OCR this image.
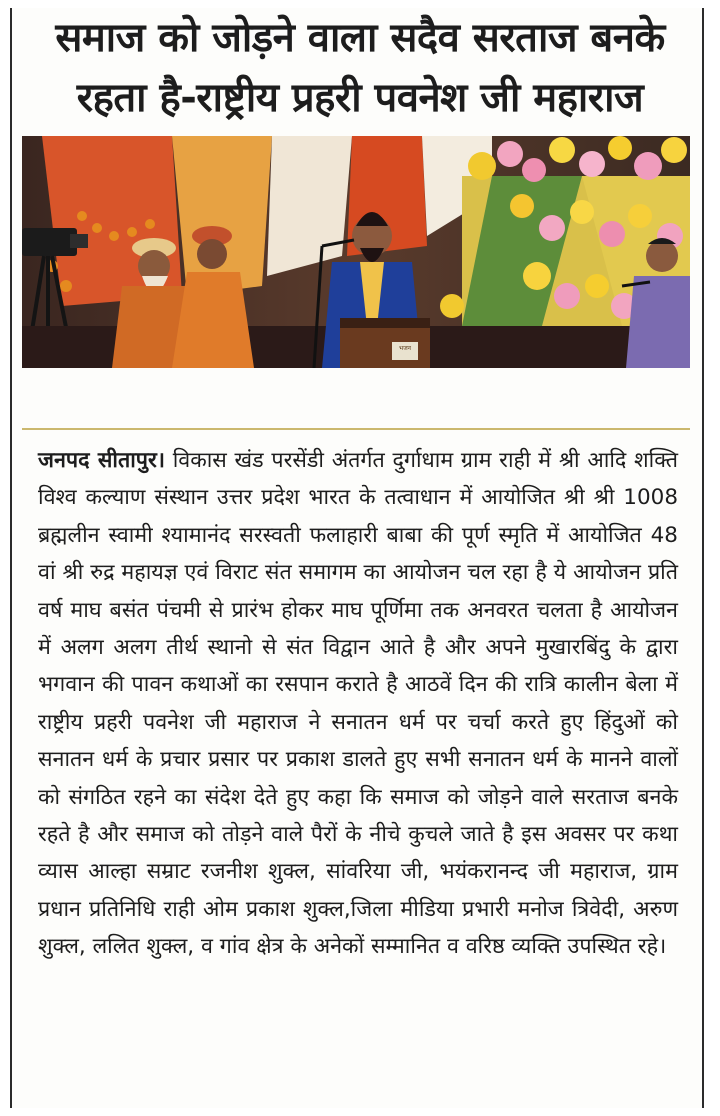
समाज को जोड़ने वाला सदैव सरताज बनके
रहता है-राष्ट्रीय प्रहरी पवनेश जी महाराज
भजन
जनपद सीतापुर। विकास खंड परसेंडी अंतर्गत दुर्गाधाम ग्राम राही में श्री आदि शक्ति विश्व कल्याण संस्थान उत्तर प्रदेश भारत के तत्वाधान में आयोजित श्री श्री 1008 ब्रह्मलीन स्वामी श्यामानंद सरस्वती फलाहारी बाबा की पूर्ण स्मृति में आयोजित 48 वां श्री रुद्र महायज्ञ एवं विराट संत समागम का आयोजन चल रहा है ये आयोजन प्रति वर्ष माघ बसंत पंचमी से प्रारंभ होकर माघ पूर्णिमा तक अनवरत चलता है आयोजन में अलग अलग तीर्थ स्थानो से संत विद्वान आते है और अपने मुखारबिंदु के द्वारा भगवान की पावन कथाओं का रसपान कराते है आठवें दिन की रात्रि कालीन बेला में राष्ट्रीय प्रहरी पवनेश जी महाराज ने सनातन धर्म पर चर्चा करते हुए हिंदुओं को सनातन धर्म के प्रचार प्रसार पर प्रकाश डालते हुए सभी सनातन धर्म के मानने वालों को संगठित रहने का संदेश देते हुए कहा कि समाज को जोड़ने वाले सरताज बनके रहते है और समाज को तोड़ने वाले पैरों के नीचे कुचले जाते है इस अवसर पर कथा व्यास आल्हा सम्राट रजनीश शुक्ल, सांवरिया जी, भयंकरानन्द जी महाराज, ग्राम प्रधान प्रतिनिधि राही ओम प्रकाश शुक्ल,जिला मीडिया प्रभारी मनोज त्रिवेदी, अरुण शुक्ल, ललित शुक्ल, व गांव क्षेत्र के अनेकों सम्मानित व वरिष्ठ व्यक्ति उपस्थित रहे।
